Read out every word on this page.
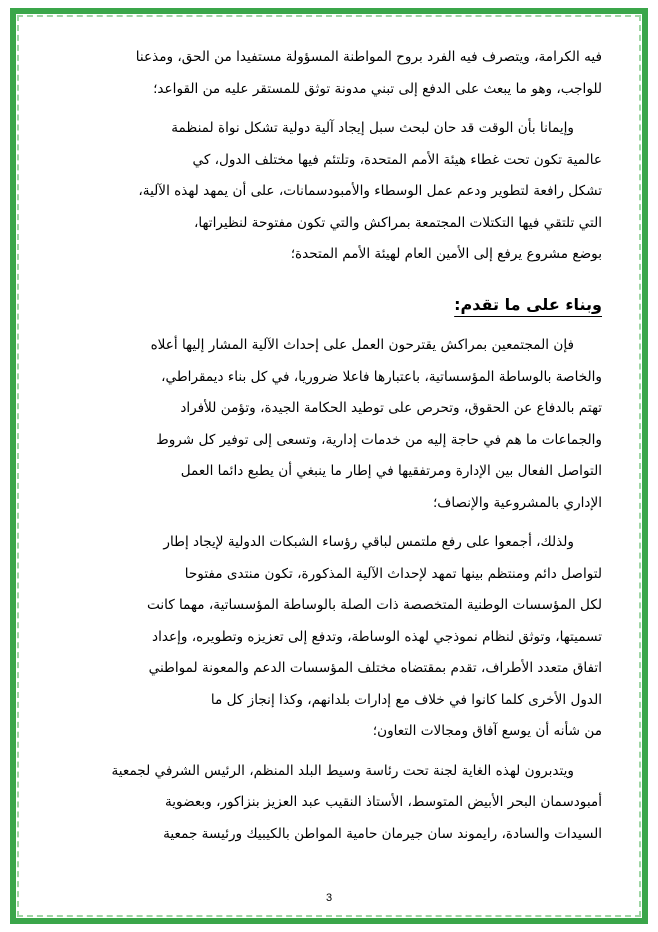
فيه الكرامة، ويتصرف فيه الفرد بروح المواطنة المسؤولة مستفيدا من الحق، ومذعنا

للواجب، وهو ما يبعث على الدفع إلى تبني مدونة توثق للمستقر عليه من القواعد؛

وإيمانا بأن الوقت قد حان لبحث سبل إيجاد آلية دولية تشكل نواة لمنظمة

عالمية تكون تحت غطاء هيئة الأمم المتحدة، وتلتئم فيها مختلف الدول، كي

تشكل رافعة لتطوير ودعم عمل الوسطاء والأمبودسمانات، على أن يمهد لهذه الآلية،

التي تلتقي فيها التكتلات المجتمعة بمراكش والتي تكون مفتوحة لنظيراتها،

بوضع مشروع يرفع إلى الأمين العام لهيئة الأمم المتحدة؛

وبناء على ما تقدم:

فإن المجتمعين بمراكش يقترحون العمل على إحداث الآلية المشار إليها أعلاه

والخاصة بالوساطة المؤسساتية، باعتبارها فاعلا ضروريا، في كل بناء ديمقراطي،

تهتم بالدفاع عن الحقوق، وتحرص على توطيد الحكامة الجيدة، وتؤمن للأفراد

والجماعات ما هم في حاجة إليه من خدمات إدارية، وتسعى إلى توفير كل شروط

التواصل الفعال بين الإدارة ومرتفقيها في إطار ما ينبغي أن يطبع دائما العمل

الإداري بالمشروعية والإنصاف؛

ولذلك، أجمعوا على رفع ملتمس لباقي رؤساء الشبكات الدولية لإيجاد إطار

لتواصل دائم ومنتظم بينها تمهد لإحداث الآلية المذكورة، تكون منتدى مفتوحا

لكل المؤسسات الوطنية المتخصصة ذات الصلة بالوساطة المؤسساتية، مهما كانت

تسميتها، وتوثق لنظام نموذجي لهذه الوساطة، وتدفع إلى تعزيزه وتطويره، وإعداد

اتفاق متعدد الأطراف، تقدم بمقتضاه مختلف المؤسسات الدعم والمعونة لمواطني

الدول الأخرى كلما كانوا في خلاف مع إدارات بلدانهم، وكذا إنجاز كل ما

من شأنه أن يوسع آفاق ومجالات التعاون؛

ويتدبرون لهذه الغاية لجنة تحت رئاسة وسيط البلد المنظم، الرئيس الشرفي لجمعية

أمبودسمان البحر الأبيض المتوسط، الأستاذ النقيب عبد العزيز بنزاكور، وبعضوية

السيدات والسادة، رايموند سان جيرمان حامية المواطن بالكيبيك ورئيسة جمعية

3
